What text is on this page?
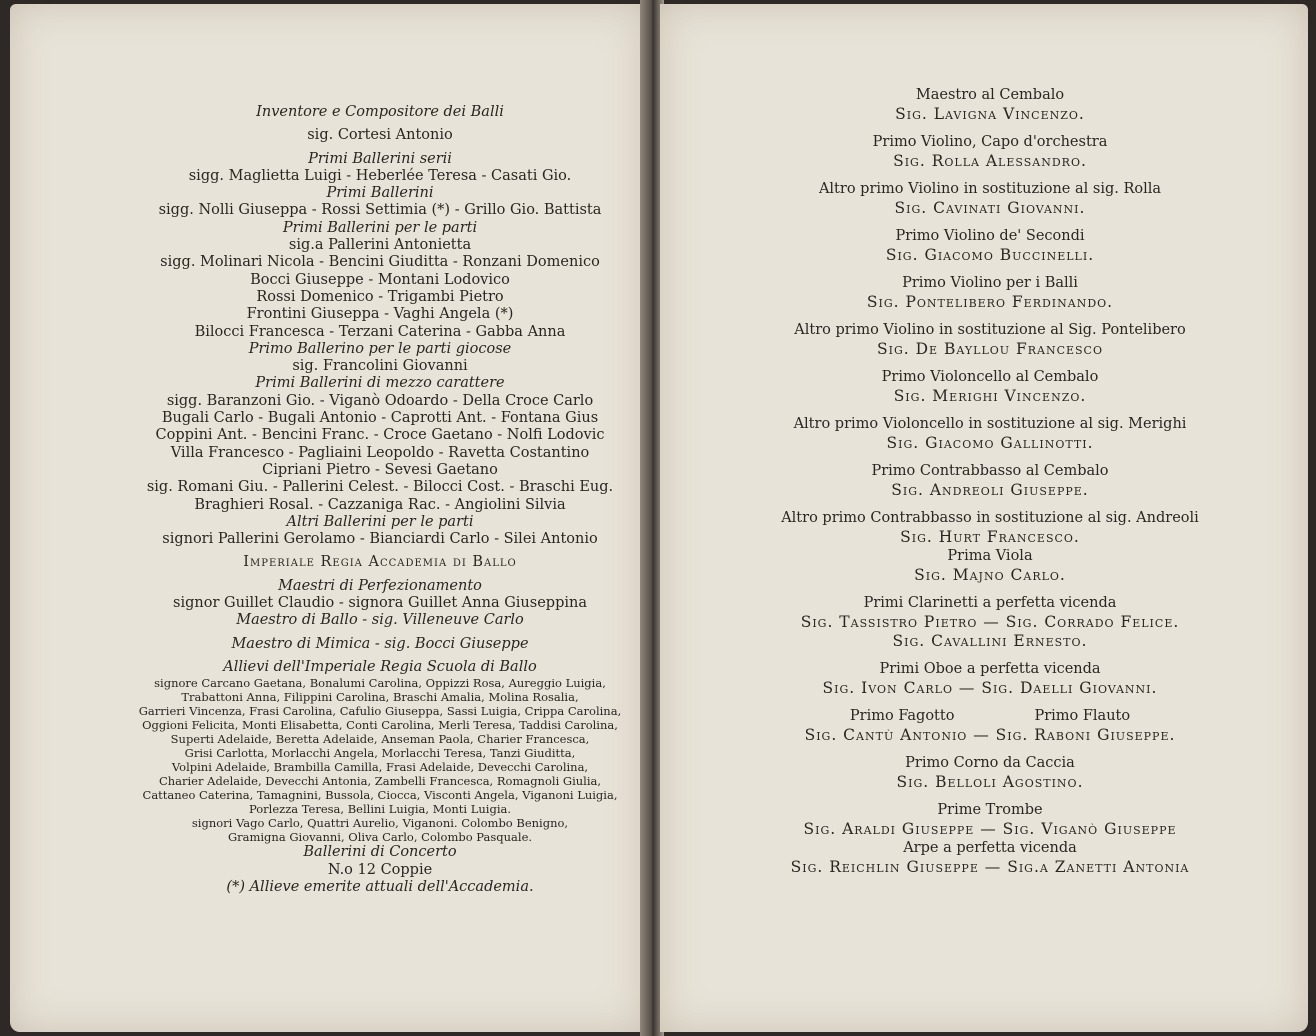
Inventore e Compositore dei Balli
sig. Cortesi Antonio
Primi Ballerini serii
sigg. Maglietta Luigi - Heberlée Teresa - Casati Gio.
Primi Ballerini
sigg. Nolli Giuseppa - Rossi Settimia (*) - Grillo Gio. Battista
Primi Ballerini per le parti
sig.a Pallerini Antonietta
sigg. Molinari Nicola - Bencini Giuditta - Ronzani Domenico
Bocci Giuseppe - Montani Lodovico
Rossi Domenico - Trigambi Pietro
Frontini Giuseppa - Vaghi Angela (*)
Bilocci Francesca - Terzani Caterina - Gabba Anna
Primo Ballerino per le parti giocose
sig. Francolini Giovanni
Primi Ballerini di mezzo carattere
sigg. Baranzoni Gio. - Viganò Odoardo - Della Croce Carlo
Bugali Carlo - Bugali Antonio - Caprotti Ant. - Fontana Gius
Coppini Ant. - Bencini Franc. - Croce Gaetano - Nolfi Lodovic
Villa Francesco - Pagliaini Leopoldo - Ravetta Costantino
Cipriani Pietro - Sevesi Gaetano
sig. Romani Giu. - Pallerini Celest. - Bilocci Cost. - Braschi Eug.
Braghieri Rosal. - Cazzaniga Rac. - Angiolini Silvia
Altri Ballerini per le parti
signori Pallerini Gerolamo - Bianciardi Carlo - Silei Antonio
Imperiale Regia Accademia di Ballo
Maestri di Perfezionamento
signor Guillet Claudio - signora Guillet Anna Giuseppina
Maestro di Ballo - sig. Villeneuve Carlo
Maestro di Mimica - sig. Bocci Giuseppe
Allievi dell'Imperiale Regia Scuola di Ballo
signore Carcano Gaetana, Bonalumi Carolina, Oppizzi Rosa, Aureggio Luigia,
Trabattoni Anna, Filippini Carolina, Braschi Amalia, Molina Rosalia,
Garrieri Vincenza, Frasi Carolina, Cafulio Giuseppa, Sassi Luigia, Crippa Carolina,
Oggioni Felicita, Monti Elisabetta, Conti Carolina, Merli Teresa, Taddisi Carolina,
Superti Adelaide, Beretta Adelaide, Anseman Paola, Charier Francesca,
Grisi Carlotta, Morlacchi Angela, Morlacchi Teresa, Tanzi Giuditta,
Volpini Adelaide, Brambilla Camilla, Frasi Adelaide, Devecchi Carolina,
Charier Adelaide, Devecchi Antonia, Zambelli Francesca, Romagnoli Giulia,
Cattaneo Caterina, Tamagnini, Bussola, Ciocca, Visconti Angela, Viganoni Luigia,
Porlezza Teresa, Bellini Luigia, Monti Luigia.
signori Vago Carlo, Quattri Aurelio, Viganoni. Colombo Benigno,
Gramigna Giovanni, Oliva Carlo, Colombo Pasquale.
Ballerini di Concerto
N.o 12 Coppie
(*) Allieve emerite attuali dell'Accademia.
Maestro al Cembalo
Sig. Lavigna Vincenzo.
Primo Violino, Capo d'orchestra
Sig. Rolla Alessandro.
Altro primo Violino in sostituzione al sig. Rolla
Sig. Cavinati Giovanni.
Primo Violino de' Secondi
Sig. Giacomo Buccinelli.
Primo Violino per i Balli
Sig. Pontelibero Ferdinando.
Altro primo Violino in sostituzione al Sig. Pontelibero
Sig. De Bayllou Francesco
Primo Violoncello al Cembalo
Sig. Merighi Vincenzo.
Altro primo Violoncello in sostituzione al sig. Merighi
Sig. Giacomo Gallinotti.
Primo Contrabbasso al Cembalo
Sig. Andreoli Giuseppe.
Altro primo Contrabbasso in sostituzione al sig. Andreoli
Sig. Hurt Francesco.
Prima Viola
Sig. Majno Carlo.
Primi Clarinetti a perfetta vicenda
Sig. Tassistro Pietro — Sig. Corrado Felice.
Sig. Cavallini Ernesto.
Primi Oboe a perfetta vicenda
Sig. Ivon Carlo — Sig. Daelli Giovanni.
Primo Fagotto	Primo Flauto
Sig. Cantù Antonio — Sig. Raboni Giuseppe.
Primo Corno da Caccia
Sig. Belloli Agostino.
Prime Trombe
Sig. Araldi Giuseppe — Sig. Viganò Giuseppe
Arpe a perfetta vicenda
Sig. Reichlin Giuseppe — Sig.a Zanetti Antonia
